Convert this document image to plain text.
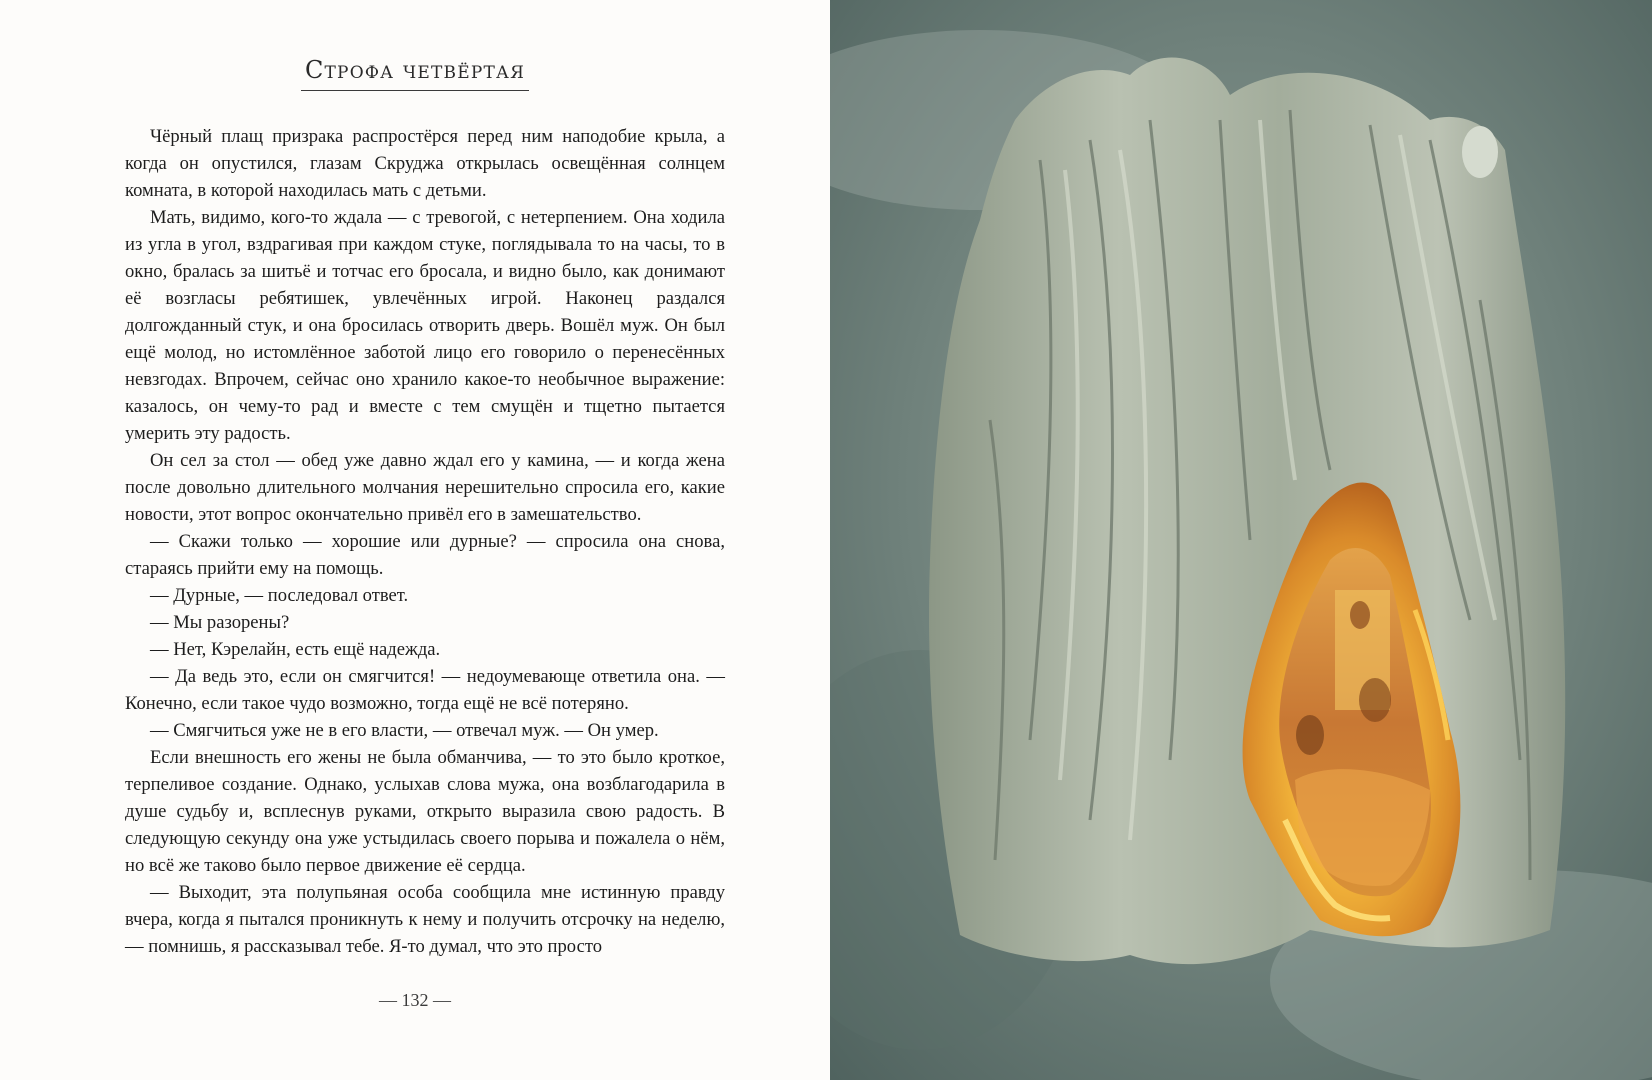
Строфа четвёртая

Чёрный плащ призрака распростёрся перед ним наподобие крыла, а когда он опустился, глазам Скруджа открылась освещённая солнцем комната, в которой находилась мать с детьми.

Мать, видимо, кого-то ждала — с тревогой, с нетерпением. Она ходила из угла в угол, вздрагивая при каждом стуке, поглядывала то на часы, то в окно, бралась за шитьё и тотчас его бросала, и видно было, как донимают её возгласы ребятишек, увлечённых игрой. Наконец раздался долгожданный стук, и она бросилась отворить дверь. Вошёл муж. Он был ещё молод, но истомлённое заботой лицо его говорило о перенесённых невзгодах. Впрочем, сейчас оно хранило какое-то необычное выражение: казалось, он чему-то рад и вместе с тем смущён и тщетно пытается умерить эту радость.

Он сел за стол — обед уже давно ждал его у камина, — и когда жена после довольно длительного молчания нерешительно спросила его, какие новости, этот вопрос окончательно привёл его в замешательство.

— Скажи только — хорошие или дурные? — спросила она снова, стараясь прийти ему на помощь.

— Дурные, — последовал ответ.

— Мы разорены?

— Нет, Кэрелайн, есть ещё надежда.

— Да ведь это, если он смягчится! — недоумевающе ответила она. — Конечно, если такое чудо возможно, тогда ещё не всё потеряно.

— Смягчиться уже не в его власти, — отвечал муж. — Он умер.

Если внешность его жены не была обманчива, — то это было кроткое, терпеливое создание. Однако, услыхав слова мужа, она возблагодарила в душе судьбу и, всплеснув руками, открыто выразила свою радость. В следующую секунду она уже устыдилась своего порыва и пожалела о нём, но всё же таково было первое движение её сердца.

— Выходит, эта полупьяная особа сообщила мне истинную правду вчера, когда я пытался проникнуть к нему и получить отсрочку на неделю, — помнишь, я рассказывал тебе. Я-то думал, что это просто

— 132 —
